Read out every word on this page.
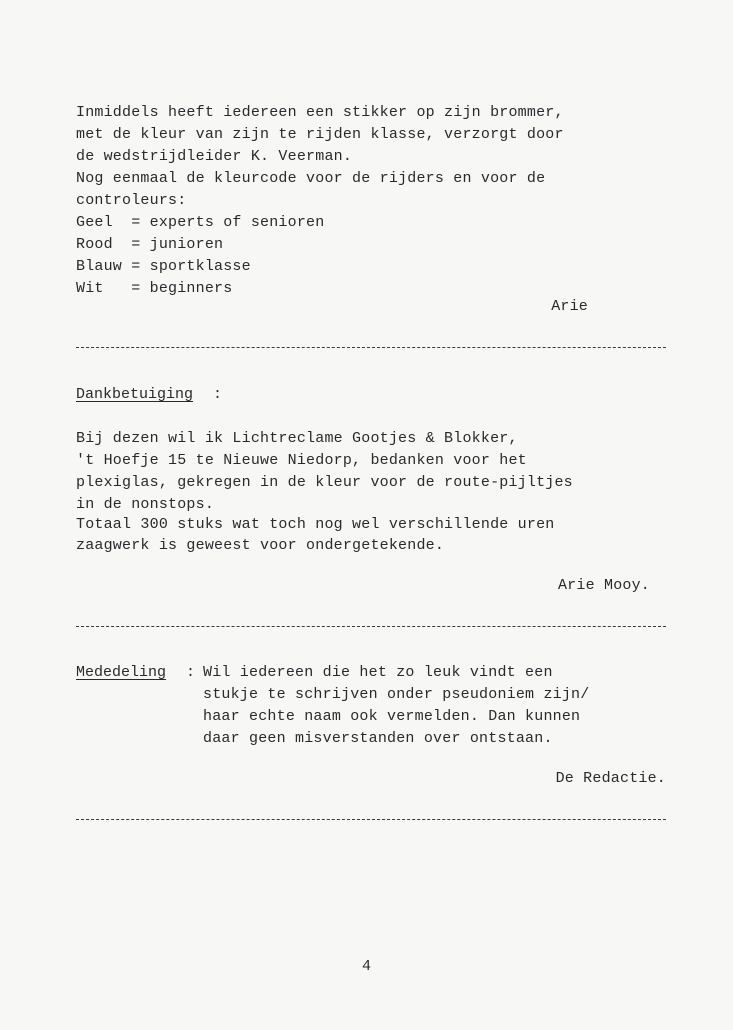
Inmiddels heeft iedereen een stikker op zijn brommer,
met de kleur van zijn te rijden klasse, verzorgt door
de wedstrijdleider K. Veerman.
Nog eenmaal de kleurcode voor de rijders en voor de
controleurs:
Geel  = experts of senioren
Rood  = junioren
Blauw = sportklasse
Wit   = beginners
Arie
Dankbetuiging :
Bij dezen wil ik Lichtreclame Gootjes & Blokker,
't Hoefje 15 te Nieuwe Niedorp, bedanken voor het
plexiglas, gekregen in de kleur voor de route-pijltjes
in de nonstops.
Totaal 300 stuks wat toch nog wel verschillende uren
zaagwerk is geweest voor ondergetekende.
Arie Mooy.
Mededeling : Wil iedereen die het zo leuk vindt een
stukje te schrijven onder pseudoniem zijn/
haar echte naam ook vermelden. Dan kunnen
daar geen misverstanden over ontstaan.
De Redactie.
4
